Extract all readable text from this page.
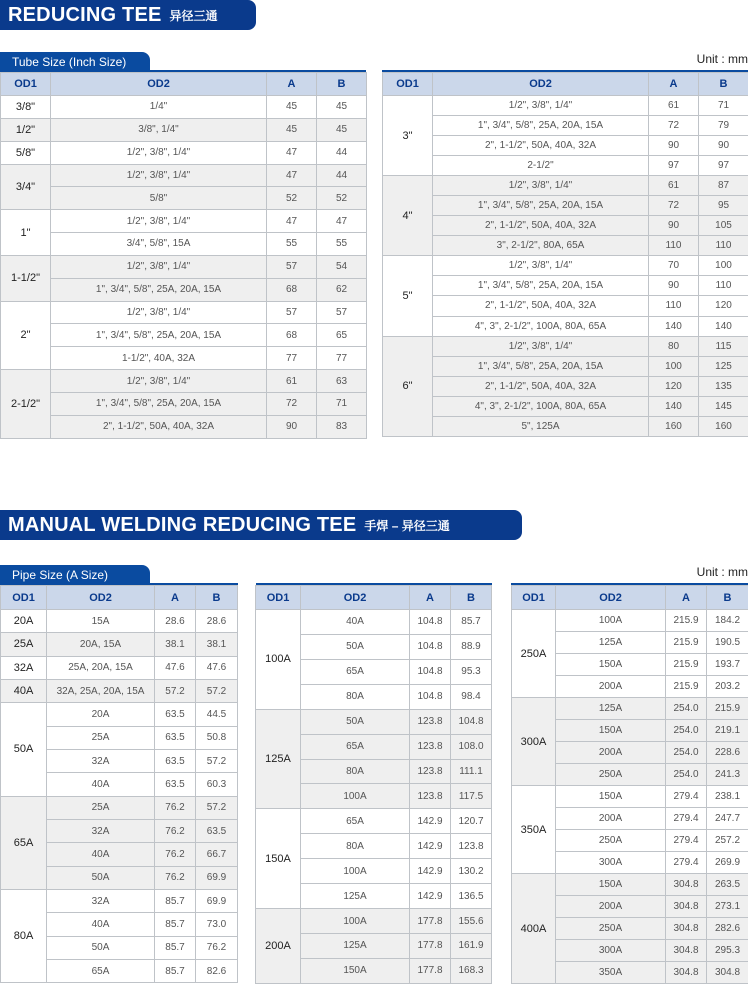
REDUCING TEE 异径三通
Tube Size (Inch Size)	Unit : mm
OD1	OD2	A	B
3/8"	1/4"	45	45
1/2"	3/8", 1/4"	45	45
5/8"	1/2", 3/8", 1/4"	47	44
3/4"	1/2", 3/8", 1/4"	47	44
	5/8"	52	52
1"	1/2", 3/8", 1/4"	47	47
	3/4", 5/8", 15A	55	55
1-1/2"	1/2", 3/8", 1/4"	57	54
	1", 3/4", 5/8", 25A, 20A, 15A	68	62
2"	1/2", 3/8", 1/4"	57	57
	1", 3/4", 5/8", 25A, 20A, 15A	68	65
	1-1/2", 40A, 32A	77	77
2-1/2"	1/2", 3/8", 1/4"	61	63
	1", 3/4", 5/8", 25A, 20A, 15A	72	71
	2", 1-1/2", 50A, 40A, 32A	90	83
OD1	OD2	A	B
3"	1/2", 3/8", 1/4"	61	71
	1", 3/4", 5/8", 25A, 20A, 15A	72	79
	2", 1-1/2", 50A, 40A, 32A	90	90
	2-1/2"	97	97
4"	1/2", 3/8", 1/4"	61	87
	1", 3/4", 5/8", 25A, 20A, 15A	72	95
	2", 1-1/2", 50A, 40A, 32A	90	105
	3", 2-1/2", 80A, 65A	110	110
5"	1/2", 3/8", 1/4"	70	100
	1", 3/4", 5/8", 25A, 20A, 15A	90	110
	2", 1-1/2", 50A, 40A, 32A	110	120
	4", 3", 2-1/2", 100A, 80A, 65A	140	140
6"	1/2", 3/8", 1/4"	80	115
	1", 3/4", 5/8", 25A, 20A, 15A	100	125
	2", 1-1/2", 50A, 40A, 32A	120	135
	4", 3", 2-1/2", 100A, 80A, 65A	140	145
	5", 125A	160	160
MANUAL WELDING REDUCING TEE 手焊 – 异径三通
Pipe Size (A Size)	Unit : mm
OD1	OD2	A	B
20A	15A	28.6	28.6
25A	20A, 15A	38.1	38.1
32A	25A, 20A, 15A	47.6	47.6
40A	32A, 25A, 20A, 15A	57.2	57.2
50A	20A	63.5	44.5
	25A	63.5	50.8
	32A	63.5	57.2
	40A	63.5	60.3
65A	25A	76.2	57.2
	32A	76.2	63.5
	40A	76.2	66.7
	50A	76.2	69.9
80A	32A	85.7	69.9
	40A	85.7	73.0
	50A	85.7	76.2
	65A	85.7	82.6
OD1	OD2	A	B
100A	40A	104.8	85.7
	50A	104.8	88.9
	65A	104.8	95.3
	80A	104.8	98.4
125A	50A	123.8	104.8
	65A	123.8	108.0
	80A	123.8	111.1
	100A	123.8	117.5
150A	65A	142.9	120.7
	80A	142.9	123.8
	100A	142.9	130.2
	125A	142.9	136.5
200A	100A	177.8	155.6
	125A	177.8	161.9
	150A	177.8	168.3
OD1	OD2	A	B
250A	100A	215.9	184.2
	125A	215.9	190.5
	150A	215.9	193.7
	200A	215.9	203.2
300A	125A	254.0	215.9
	150A	254.0	219.1
	200A	254.0	228.6
	250A	254.0	241.3
350A	150A	279.4	238.1
	200A	279.4	247.7
	250A	279.4	257.2
	300A	279.4	269.9
400A	150A	304.8	263.5
	200A	304.8	273.1
	250A	304.8	282.6
	300A	304.8	295.3
	350A	304.8	304.8
